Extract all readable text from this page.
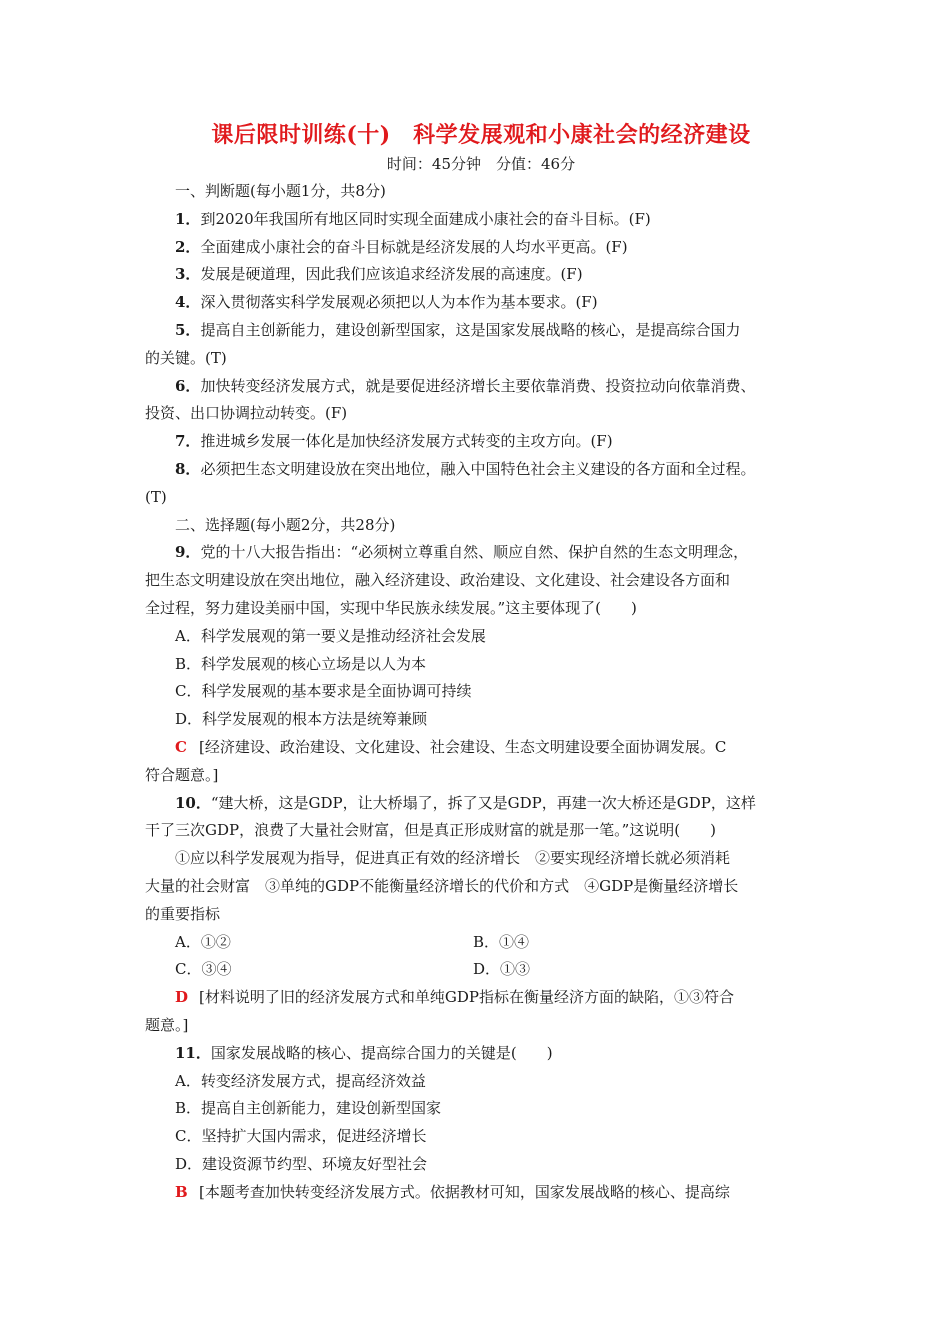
课后限时训练(十)　科学发展观和小康社会的经济建设
时间：45分钟　分值：46分
一、判断题(每小题1分，共8分)
1．到2020年我国所有地区同时实现全面建成小康社会的奋斗目标。(F)
2．全面建成小康社会的奋斗目标就是经济发展的人均水平更高。(F)
3．发展是硬道理，因此我们应该追求经济发展的高速度。(F)
4．深入贯彻落实科学发展观必须把以人为本作为基本要求。(F)
5．提高自主创新能力，建设创新型国家，这是国家发展战略的核心，是提高综合国力
的关键。(T)
6．加快转变经济发展方式，就是要促进经济增长主要依靠消费、投资拉动向依靠消费、
投资、出口协调拉动转变。(F)
7．推进城乡发展一体化是加快经济发展方式转变的主攻方向。(F)
8．必须把生态文明建设放在突出地位，融入中国特色社会主义建设的各方面和全过程。
(T)
二、选择题(每小题2分，共28分)
9．党的十八大报告指出：“必须树立尊重自然、顺应自然、保护自然的生态文明理念，
把生态文明建设放在突出地位，融入经济建设、政治建设、文化建设、社会建设各方面和
全过程，努力建设美丽中国，实现中华民族永续发展。”这主要体现了(　　)
A．科学发展观的第一要义是推动经济社会发展
B．科学发展观的核心立场是以人为本
C．科学发展观的基本要求是全面协调可持续
D．科学发展观的根本方法是统筹兼顾
C [经济建设、政治建设、文化建设、社会建设、生态文明建设要全面协调发展。C
符合题意。]
10．“建大桥，这是GDP，让大桥塌了，拆了又是GDP，再建一次大桥还是GDP，这样
干了三次GDP，浪费了大量社会财富，但是真正形成财富的就是那一笔。”这说明(　　)
①应以科学发展观为指导，促进真正有效的经济增长　②要实现经济增长就必须消耗
大量的社会财富　③单纯的GDP不能衡量经济增长的代价和方式　④GDP是衡量经济增长
的重要指标
A．①②	B．①④
C．③④	D．①③
D [材料说明了旧的经济发展方式和单纯GDP指标在衡量经济方面的缺陷，①③符合
题意。]
11．国家发展战略的核心、提高综合国力的关键是(　　)
A．转变经济发展方式，提高经济效益
B．提高自主创新能力，建设创新型国家
C．坚持扩大国内需求，促进经济增长
D．建设资源节约型、环境友好型社会
B [本题考查加快转变经济发展方式。依据教材可知，国家发展战略的核心、提高综
